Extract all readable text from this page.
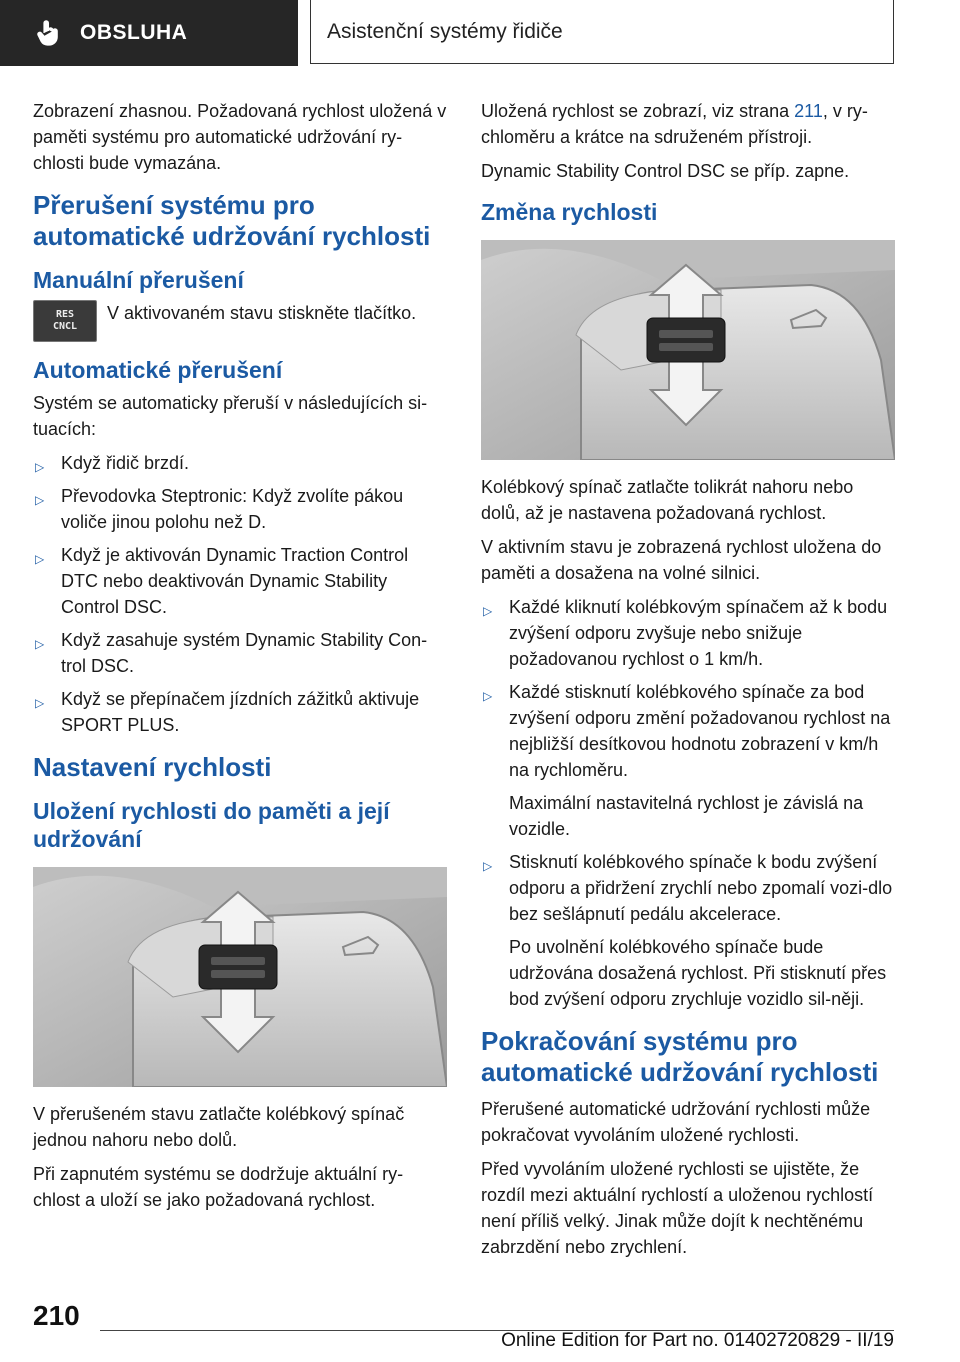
OBSLUHA	Asistenční systémy řidiče

Zobrazení zhasnou. Požadovaná rychlost uložená v paměti systému pro automatické udržování ry‐chlosti bude vymazána.

Přerušení systému pro automatické udržování rychlosti
Manuální přerušení
RES
CNCL

V aktivovaném stavu stiskněte tlačítko.

Automatické přerušení

Systém se automaticky přeruší v následujících si‐tuacích:

▷ Když řidič brzdí.
▷ Převodovka Steptronic: Když zvolíte pákou voliče jinou polohu než D.
▷ Když je aktivován Dynamic Traction Control DTC nebo deaktivován Dynamic Stability Control DSC.
▷ Když zasahuje systém Dynamic Stability Con‐trol DSC.
▷ Když se přepínačem jízdních zážitků aktivuje SPORT PLUS.
Nastavení rychlosti
Uložení rychlosti do paměti a její udržování

V přerušeném stavu zatlačte kolébkový spínač jednou nahoru nebo dolů.

Při zapnutém systému se dodržuje aktuální ry‐chlost a uloží se jako požadovaná rychlost.

Uložená rychlost se zobrazí, viz strana 211, v ry‐chloměru a krátce na sdruženém přístroji.

Dynamic Stability Control DSC se příp. zapne.

Změna rychlosti

Kolébkový spínač zatlačte tolikrát nahoru nebo dolů, až je nastavena požadovaná rychlost.

V aktivním stavu je zobrazená rychlost uložena do paměti a dosažena na volné silnici.

▷ Každé kliknutí kolébkovým spínačem až k bodu zvýšení odporu zvyšuje nebo snižuje požadovanou rychlost o 1 km/h.
▷ Každé stisknutí kolébkového spínače za bod zvýšení odporu změní požadovanou rychlost na nejbližší desítkovou hodnotu zobrazení v km/h na rychloměru.

Maximální nastavitelná rychlost je závislá na vozidle.

▷ Stisknutí kolébkového spínače k bodu zvýšení odporu a přidržení zrychlí nebo zpomalí vozi‐dlo bez sešlápnutí pedálu akcelerace.

Po uvolnění kolébkového spínače bude udržována dosažená rychlost. Při stisknutí přes bod zvýšení odporu zrychluje vozidlo sil‐něji.

Pokračování systému pro automatické udržování rychlosti

Přerušené automatické udržování rychlosti může pokračovat vyvoláním uložené rychlosti.

Před vyvoláním uložené rychlosti se ujistěte, že rozdíl mezi aktuální rychlostí a uloženou rychlostí není příliš velký. Jinak může dojít k nechtěnému zabrzdění nebo zrychlení.

210
Online Edition for Part no. 01402720829 - II/19
